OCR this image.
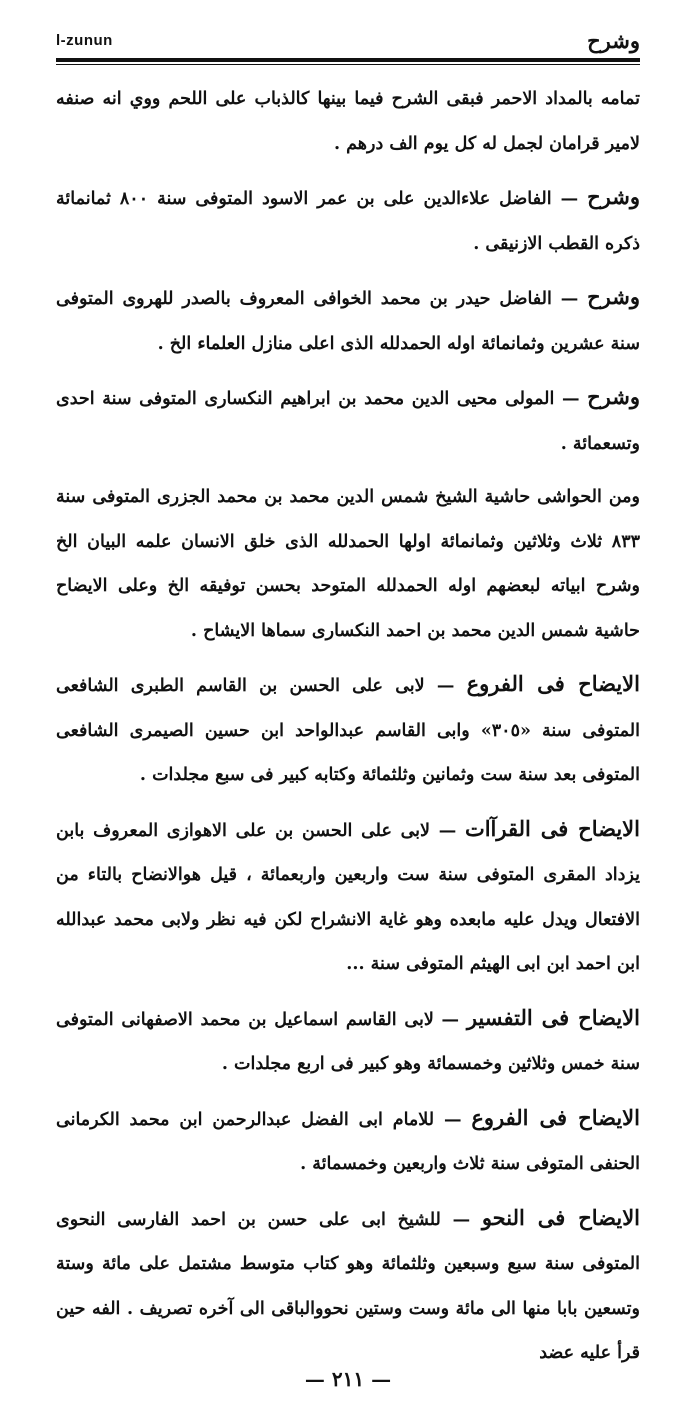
l-zunun	وشرح

تمامه بالمداد الاحمر فبقى الشرح فيما بينها كالذباب على اللحم ووي انه صنفه لامير قرامان لجمل له كل يوم الف درهم .

وشرح — الفاضل علاءالدين على بن عمر الاسود المتوفى سنة ٨٠٠ ثمانمائة ذكره القطب الازنيقى .

وشرح — الفاضل حيدر بن محمد الخوافى المعروف بالصدر للهروى المتوفى سنة عشرين وثمانمائة اوله الحمدلله الذى اعلى منازل العلماء الخ .

وشرح — المولى محيى الدين محمد بن ابراهيم النكسارى المتوفى سنة احدى وتسعمائة .

ومن الحواشى حاشية الشيخ شمس الدين محمد بن محمد الجزرى المتوفى سنة ٨٣٣ ثلاث وثلاثين وثمانمائة اولها الحمدلله الذى خلق الانسان علمه البيان الخ وشرح ابياته لبعضهم اوله الحمدلله المتوحد بحسن توفيقه الخ وعلى الايضاح حاشية شمس الدين محمد بن احمد النكسارى سماها الايشاح .

الايضاح فى الفروع — لابى على الحسن بن القاسم الطبرى الشافعى المتوفى سنة «٣٠٥» وابى القاسم عبدالواحد ابن حسين الصيمرى الشافعى المتوفى بعد سنة ست وثمانين وثلثمائة وكتابه كبير فى سبع مجلدات .

الايضاح فى القرآات — لابى على الحسن بن على الاهوازى المعروف بابن يزداد المقرى المتوفى سنة ست واربعين واربعمائة ، قيل هوالانضاح بالتاء من الافتعال ويدل عليه مابعده وهو غاية الانشراح لكن فيه نظر ولابى محمد عبدالله ابن احمد ابن ابى الهيثم المتوفى سنة ...

الايضاح فى التفسير — لابى القاسم اسماعيل بن محمد الاصفهانى المتوفى سنة خمس وثلاثين وخمسمائة وهو كبير فى اربع مجلدات .

الايضاح فى الفروع — للامام ابى الفضل عبدالرحمن ابن محمد الكرمانى الحنفى المتوفى سنة ثلاث واربعين وخمسمائة .

الايضاح فى النحو — للشيخ ابى على حسن بن احمد الفارسى النحوى المتوفى سنة سبع وسبعين وثلثمائة وهو كتاب متوسط مشتمل على مائة وستة وتسعين بابا منها الى مائة وست وستين نحووالباقى الى آخره تصريف . الفه حين قرأ عليه عضد

— ٢١١ —
